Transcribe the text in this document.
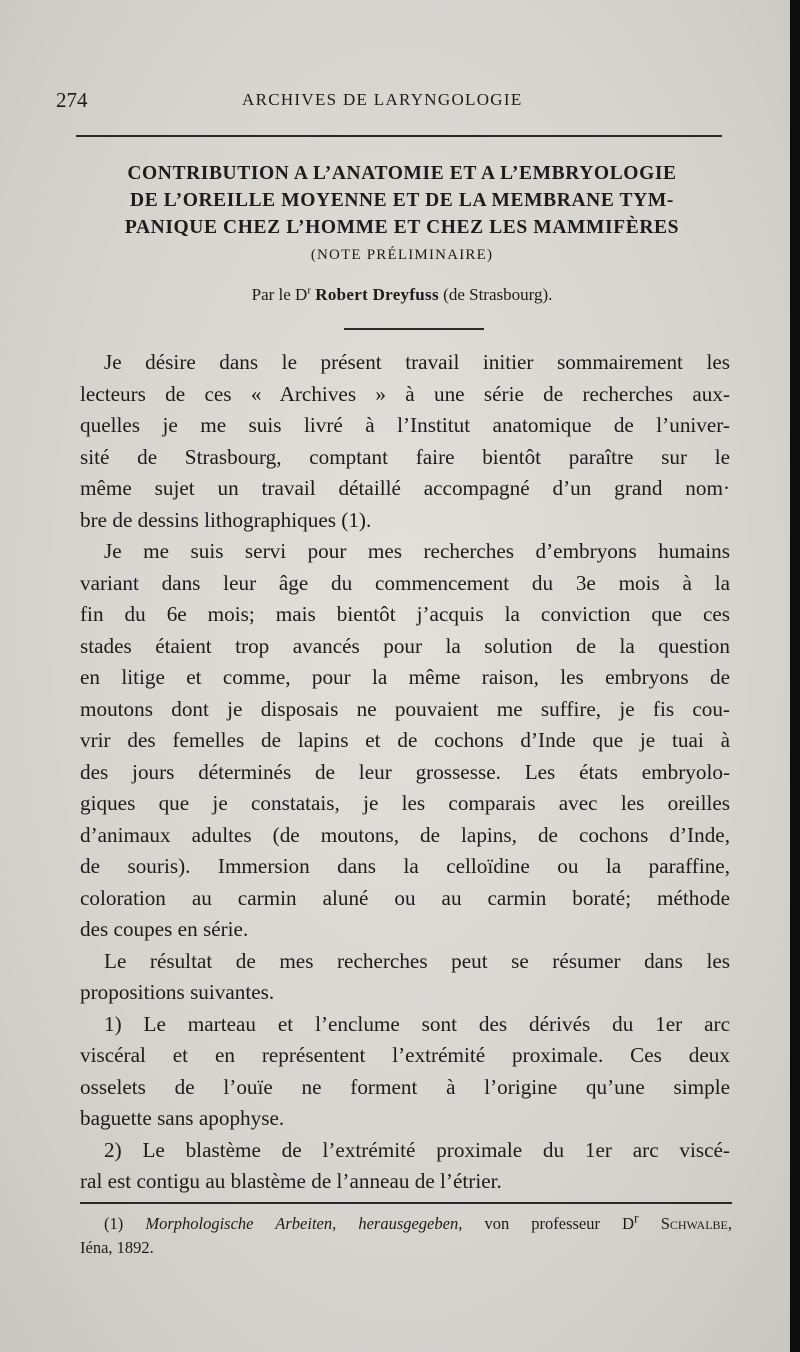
274	ARCHIVES DE LARYNGOLOGIE
CONTRIBUTION A L’ANATOMIE ET A L’EMBRYOLOGIE
DE L’OREILLE MOYENNE ET DE LA MEMBRANE TYM-
PANIQUE CHEZ L’HOMME ET CHEZ LES MAMMIFÈRES
(NOTE PRÉLIMINAIRE)
Par le $D^r$ Robert Dreyfuss (de Strasbourg).
Je désire dans le présent travail initier sommairement les
lecteurs de ces « Archives » à une série de recherches aux-
quelles je me suis livré à l’Institut anatomique de l’univer-
sité de Strasbourg, comptant faire bientôt paraître sur le
même sujet un travail détaillé accompagné d’un grand nom·
bre de dessins lithographiques (1).
Je me suis servi pour mes recherches d’embryons humains
variant dans leur âge du commencement du 3e mois à la
fin du 6e mois; mais bientôt j’acquis la conviction que ces
stades étaient trop avancés pour la solution de la question
en litige et comme, pour la même raison, les embryons de
moutons dont je disposais ne pouvaient me suffire, je fis cou-
vrir des femelles de lapins et de cochons d’Inde que je tuai à
des jours déterminés de leur grossesse. Les états embryolo-
giques que je constatais, je les comparais avec les oreilles
d’animaux adultes (de moutons, de lapins, de cochons d’Inde,
de souris). Immersion dans la celloïdine ou la paraffine,
coloration au carmin aluné ou au carmin boraté; méthode
des coupes en série.
Le résultat de mes recherches peut se résumer dans les
propositions suivantes.
1) Le marteau et l’enclume sont des dérivés du 1er arc
viscéral et en représentent l’extrémité proximale. Ces deux
osselets de l’ouïe ne forment à l’origine qu’une simple
baguette sans apophyse.
2) Le blastème de l’extrémité proximale du 1er arc viscé-
ral est contigu au blastème de l’anneau de l’étrier.
(1) Morphologische Arbeiten, herausgegeben, von professeur $D^r$ Schwalbe,
Iéna, 1892.
